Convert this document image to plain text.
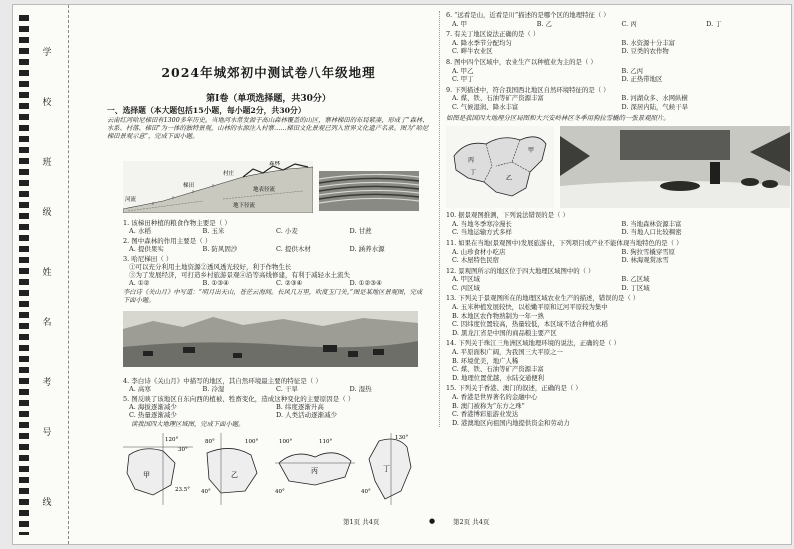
学
校
班
级
姓
名
考
号
线
2024年城郊初中测试卷八年级地理
第Ⅰ卷（单项选择题，共30分）
一、选择题（本大题包括15小题，每小题2分，共30分）
云南红河哈尼梯田有1300多年历史。当地河水常发源于高山森林覆盖的山区，寨林梯田的布局紧凑，形成了“森林、水系、村落、梯田”为一体的独特景观，山林的水源注入村寨……梯田文化景观已列入世界文化遗产名录。图为“哈尼梯田景观示意”，完成下面小题。
森林
村庄
梯田
河流
地表径流
地下径流
1. 该梯田种植的粮食作物主要是（ ）
A. 水稻	B. 玉米	C. 小麦	D. 甘蔗
2. 图中森林的作用主要是（ ）
A. 提供果实	B. 防风固沙	C. 提供木材	D. 涵养水源
3. 哈尼梯田（ ）
①可以充分利用土地资源②透风透光较好，利于作物生长
③为了发展经济，可打造乡村旅游景观④沿等高线修建，有利于减轻水土流失
A. ①②	B. ①③④	C. ②③④	D. ①②③④
李白诗《关山月》中写道：“明月出天山，苍茫云海间。长风几万里，吹度玉门关。”图是某地区景观图，完成下面小题。
4. 李白诗《关山月》中描写的地区，其自然环境最主要的特征是（ ）
A. 高寒	B. 冷湿	C. 干旱	D. 湿热
5. 图反映了该地区自东向西的植被、牲畜变化，造成这种变化的主要原因是（ ）
A. 海拔逐渐减少	B. 纬度逐渐升高
C. 热量逐渐减少	D. 人类活动逐渐减少
读我国四大地理区域图，完成下面小题。
甲
120°
30°
23.5°
乙
80°	100°
40°
丙
100°	110°
40°
丁
130°
40°
6. “远看是山，近看是川”描述的是哪个区的地理特征（ ）
A. 甲	B. 乙	C. 丙	D. 丁
7. 有关丁地区说法正确的是（ ）
A. 降水季节分配均匀	B. 水资源十分丰富
C. 畔牛农业区	D. 豆类的农作物
8. 图中四个区域中，农业生产以种植业为主的是（ ）
A. 甲乙	B. 乙丙
C. 甲丁	D. 正热带地区
9. 下列描述中，符合我国西北地区自然环境特征的是（ ）
A. 煤、铁、石油等矿产资源丰富	B. 河湖众多、水网纵横
C. 气候湿润、降水丰富	D. 深居内陆，气候干旱
如图是我国四大地理分区局图和大兴安岭林区冬季用狗拉雪橇的一张景观照片。
丙
甲
乙
丁
10. 据景观图推测，下列说法错误的是（ ）
A. 当地冬季寒冷漫长	B. 当地森林资源丰富
C. 当地运输方式多样	D. 当地人口比较稠密
11. 如果在当地(景观图中)发展旅游业，下列项目或产业不能体现当地特色的是（ ）
A. 山珍食材小吃店	B. 狗拉雪橇穿雪原
C. 木屋特色民宿	D. 林海观赏冰雪
12. 景观图所示的地区位于四大地理区域图中的（ ）
A. 甲区域	B. 乙区域
C. 丙区域	D. 丁区域
13. 下列关于景观图所在的地理区域农业生产的描述，错误的是（ ）
A. 玉米种植发展较快，以松嫩平原和辽河平原较为集中
B. 本地区农作物熟制为一年一熟
C. 因纬度位置较高，热量较低，本区域不适合种植水稻
D. 黑龙江省是中国的商品粮主要产区
14. 下列关于珠江三角洲区域地理环境的说法，正确的是（ ）
A. 平原面积广阔，为我国三大平原之一
B. 环境优美，地广人稀
C. 煤、铁、石油等矿产资源丰富
D. 地理位置优越，水陆交通便利
15. 下列关于香港、澳门的叙述，正确的是（ ）
A. 香港是世界著名的金融中心
B. 澳门被称为“东方之珠”
C. 香港博彩旅游业发达
D. 港澳地区向祖国内地提供资金和劳动力
第1页 共4页	●	第2页 共4页
